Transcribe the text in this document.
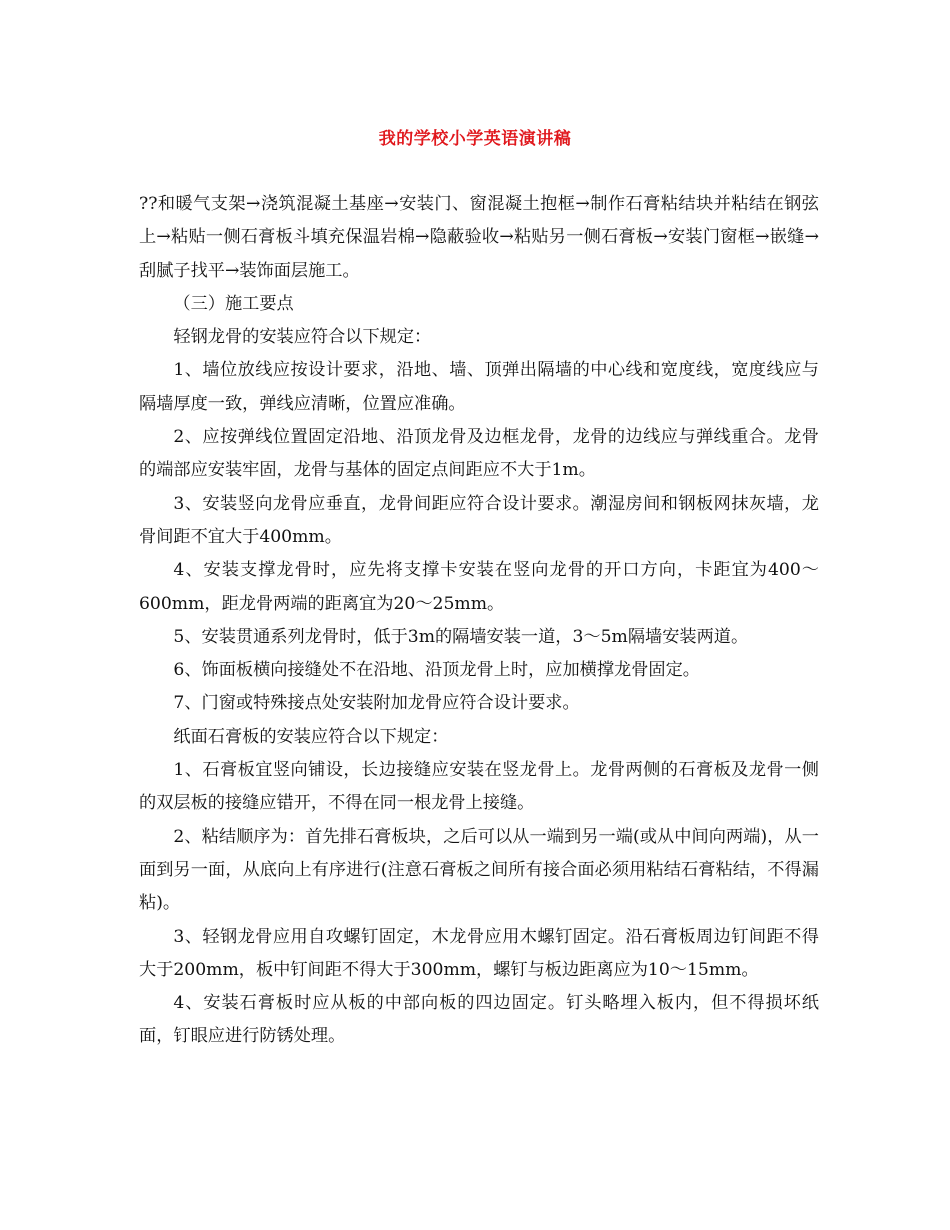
我的学校小学英语演讲稿

??和暖气支架→浇筑混凝土基座→安装门、窗混凝土抱框→制作石膏粘结块并粘结在钢弦上→粘贴一侧石膏板斗填充保温岩棉→隐蔽验收→粘贴另一侧石膏板→安装门窗框→嵌缝→刮腻子找平→装饰面层施工。

（三）施工要点

轻钢龙骨的安装应符合以下规定：

1、墙位放线应按设计要求，沿地、墙、顶弹出隔墙的中心线和宽度线，宽度线应与隔墙厚度一致，弹线应清晰，位置应准确。

2、应按弹线位置固定沿地、沿顶龙骨及边框龙骨，龙骨的边线应与弹线重合。龙骨的端部应安装牢固，龙骨与基体的固定点间距应不大于1m。

3、安装竖向龙骨应垂直，龙骨间距应符合设计要求。潮湿房间和钢板网抹灰墙，龙骨间距不宜大于400mm。

4、安装支撑龙骨时，应先将支撑卡安装在竖向龙骨的开口方向，卡距宜为400～600mm，距龙骨两端的距离宜为20～25mm。

5、安装贯通系列龙骨时，低于3m的隔墙安装一道，3～5m隔墙安装两道。

6、饰面板横向接缝处不在沿地、沿顶龙骨上时，应加横撑龙骨固定。

7、门窗或特殊接点处安装附加龙骨应符合设计要求。

纸面石膏板的安装应符合以下规定：

1、石膏板宜竖向铺设，长边接缝应安装在竖龙骨上。龙骨两侧的石膏板及龙骨一侧的双层板的接缝应错开，不得在同一根龙骨上接缝。

2、粘结顺序为：首先排石膏板块，之后可以从一端到另一端(或从中间向两端)，从一面到另一面，从底向上有序进行(注意石膏板之间所有接合面必须用粘结石膏粘结，不得漏粘)。

3、轻钢龙骨应用自攻螺钉固定，木龙骨应用木螺钉固定。沿石膏板周边钉间距不得大于200mm，板中钉间距不得大于300mm，螺钉与板边距离应为10～15mm。

4、安装石膏板时应从板的中部向板的四边固定。钉头略埋入板内，但不得损坏纸面，钉眼应进行防锈处理。
